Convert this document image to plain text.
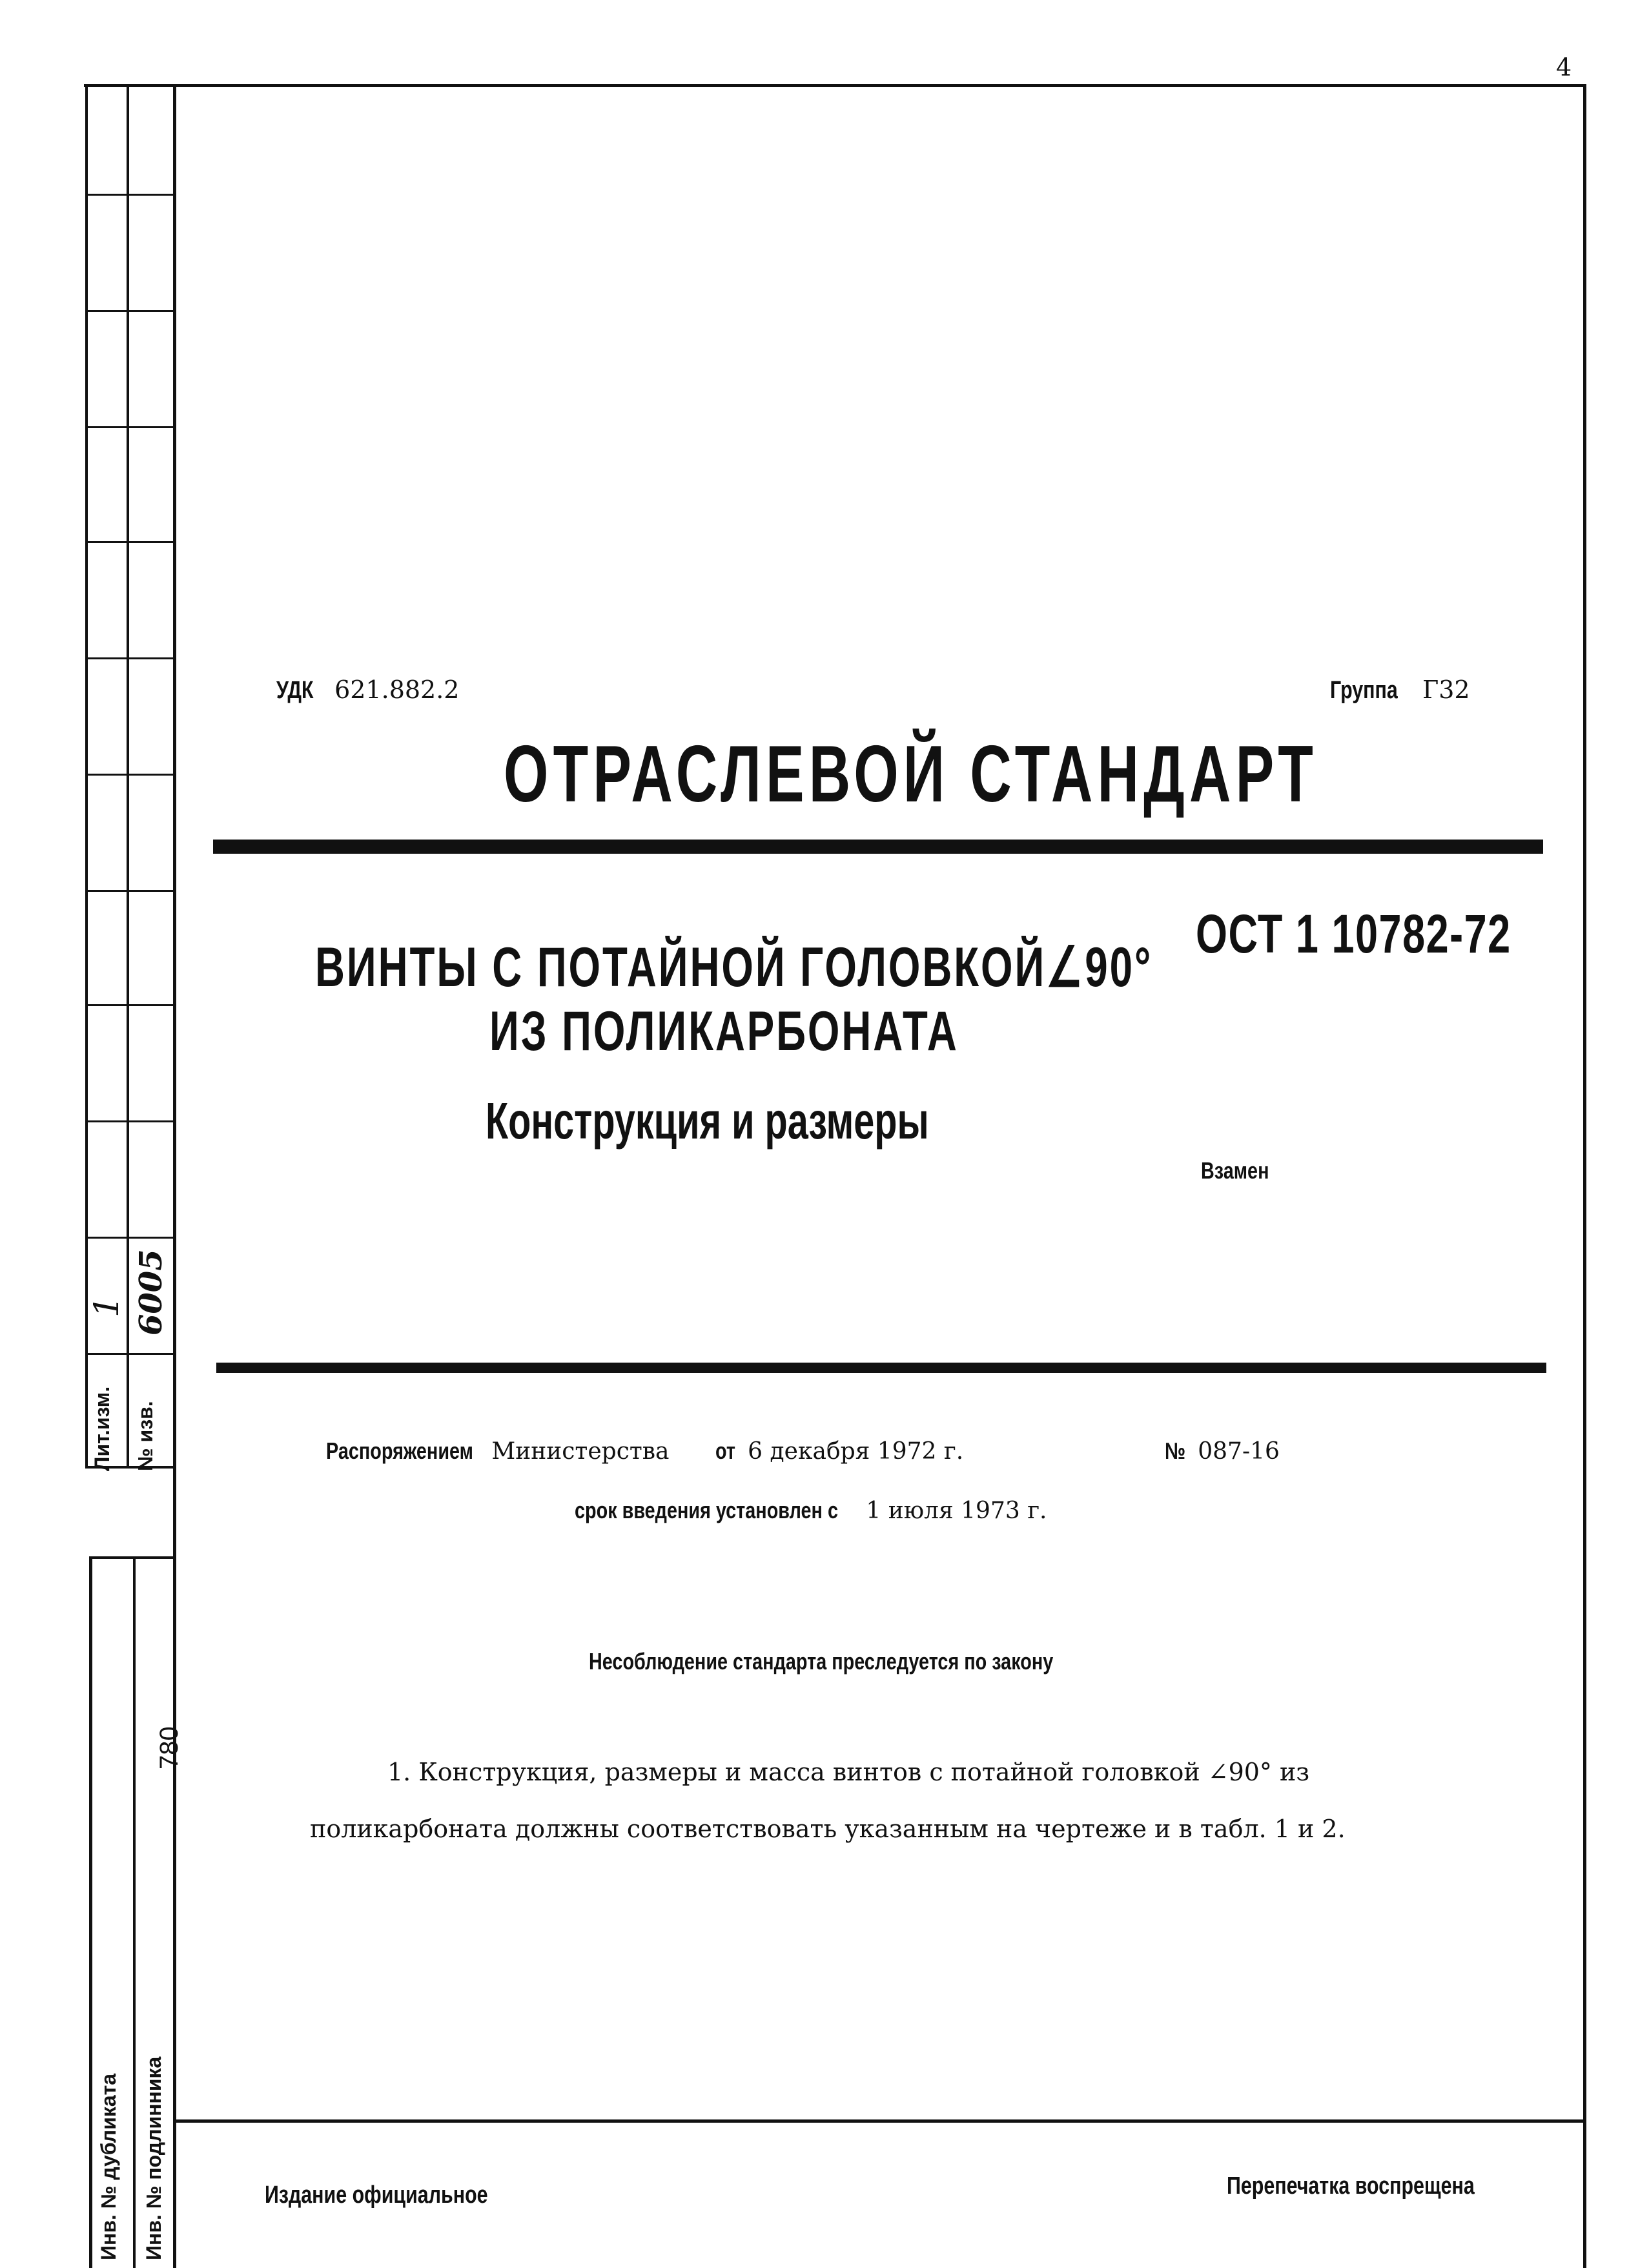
4
УДК 621.882.2	Группа Г32
ОТРАСЛЕВОЙ СТАНДАРТ
ОСТ 1 10782-72
ВИНТЫ С ПОТАЙНОЙ ГОЛОВКОЙ∠90°
ИЗ ПОЛИКАРБОНАТА
Конструкция и размеры
Взамен
Распоряжением Министерства от 6 декабря 1972 г.	№ 087-16
срок введения установлен с 1 июля 1973 г.
Несоблюдение стандарта преследуется по закону
1. Конструкция, размеры и масса винтов с потайной головкой ∠90° из
поликарбоната должны соответствовать указанным на чертеже и в табл. 1 и 2.
Издание официальное	Перепечатка воспрещена
Лит.изм. № изв.
1 6005
780
Инв. № дубликата Инв. № подлинника
